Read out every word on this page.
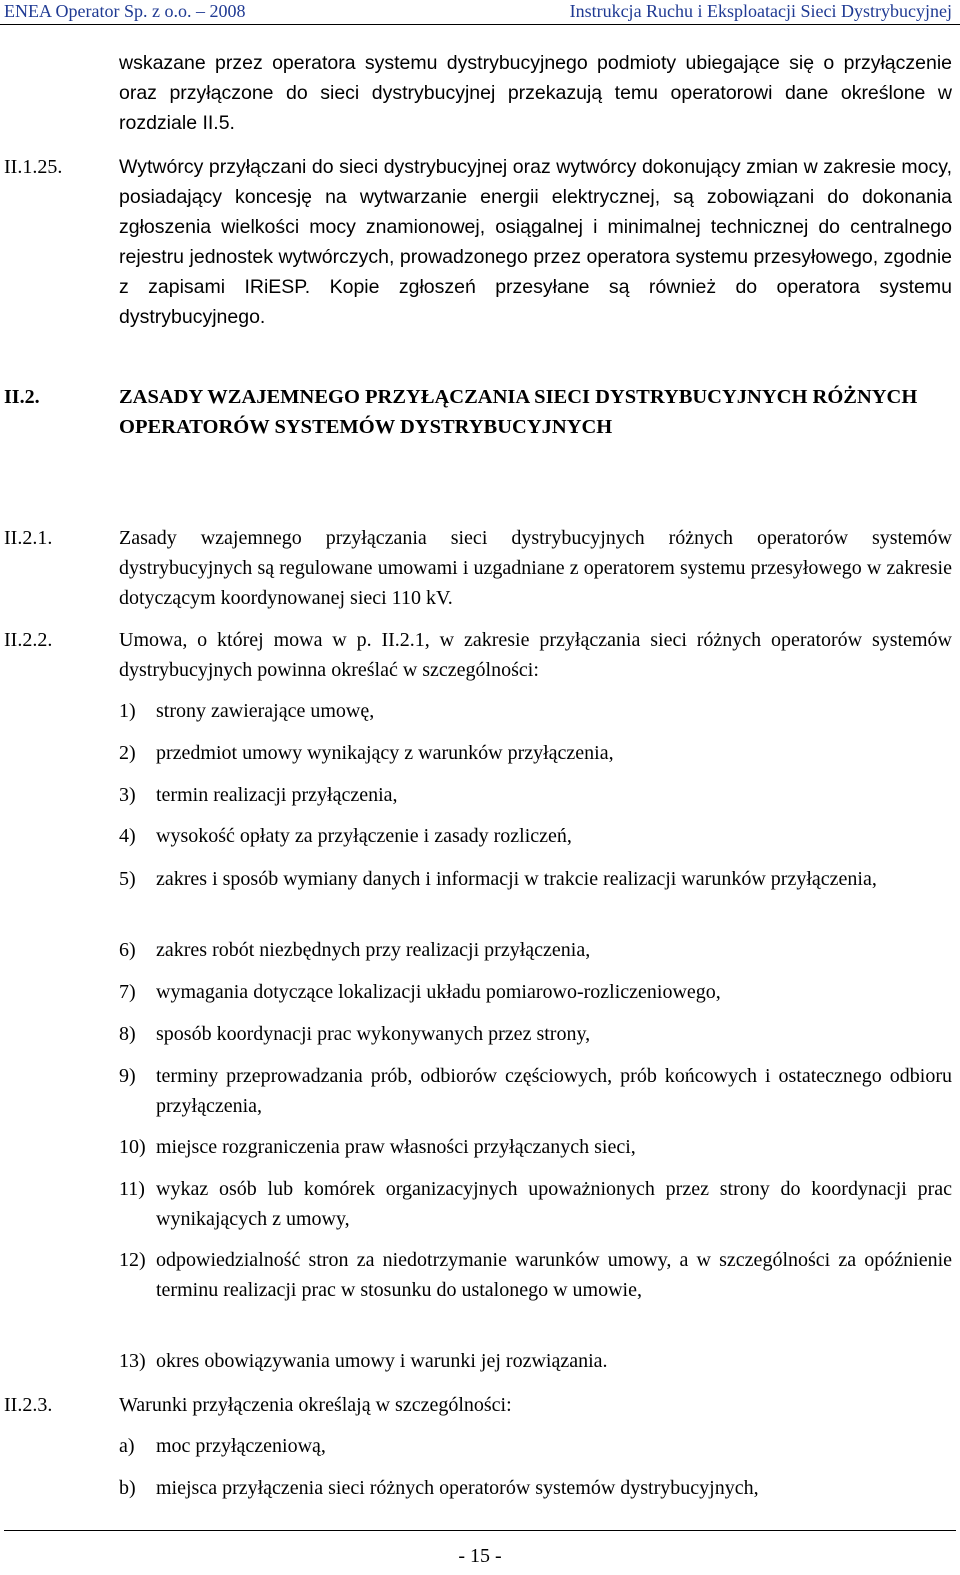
ENEA Operator Sp. z o.o. – 2008	Instrukcja Ruchu i Eksploatacji Sieci Dystrybucyjnej
wskazane przez operatora systemu dystrybucyjnego podmioty ubiegające się o przyłączenie oraz przyłączone do sieci dystrybucyjnej przekazują temu operatorowi dane określone w rozdziale II.5.
II.1.25.	Wytwórcy przyłączani do sieci dystrybucyjnej oraz wytwórcy dokonujący zmian w zakresie mocy, posiadający koncesję na wytwarzanie energii elektrycznej, są zobowiązani do dokonania zgłoszenia wielkości mocy znamionowej, osiągalnej i minimalnej technicznej do centralnego rejestru jednostek wytwórczych, prowadzonego przez operatora systemu przesyłowego, zgodnie z zapisami IRiESP. Kopie zgłoszeń przesyłane są również do operatora systemu dystrybucyjnego.
II.2.	ZASADY WZAJEMNEGO PRZYŁĄCZANIA SIECI DYSTRYBUCYJNYCH RÓŻNYCH OPERATORÓW SYSTEMÓW DYSTRYBUCYJNYCH
II.2.1.	Zasady wzajemnego przyłączania sieci dystrybucyjnych różnych operatorów systemów dystrybucyjnych są regulowane umowami i uzgadniane z operatorem systemu przesyłowego w zakresie dotyczącym koordynowanej sieci 110 kV.
II.2.2.	Umowa, o której mowa w p. II.2.1, w zakresie przyłączania sieci różnych operatorów systemów dystrybucyjnych powinna określać w szczególności:
1) strony zawierające umowę,
2) przedmiot umowy wynikający z warunków przyłączenia,
3) termin realizacji przyłączenia,
4) wysokość opłaty za przyłączenie i zasady rozliczeń,
5) zakres i sposób wymiany danych i informacji w trakcie realizacji warunków przyłączenia,
6) zakres robót niezbędnych przy realizacji przyłączenia,
7) wymagania dotyczące lokalizacji układu pomiarowo-rozliczeniowego,
8) sposób koordynacji prac wykonywanych przez strony,
9) terminy przeprowadzania prób, odbiorów częściowych, prób końcowych i ostatecznego odbioru przyłączenia,
10) miejsce rozgraniczenia praw własności przyłączanych sieci,
11) wykaz osób lub komórek organizacyjnych upoważnionych przez strony do koordynacji prac wynikających z umowy,
12) odpowiedzialność stron za niedotrzymanie warunków umowy, a w szczególności za opóźnienie terminu realizacji prac w stosunku do ustalonego w umowie,
13) okres obowiązywania umowy i warunki jej rozwiązania.
II.2.3.	Warunki przyłączenia określają w szczególności:
a) moc przyłączeniową,
b) miejsca przyłączenia sieci różnych operatorów systemów dystrybucyjnych,
- 15 -
